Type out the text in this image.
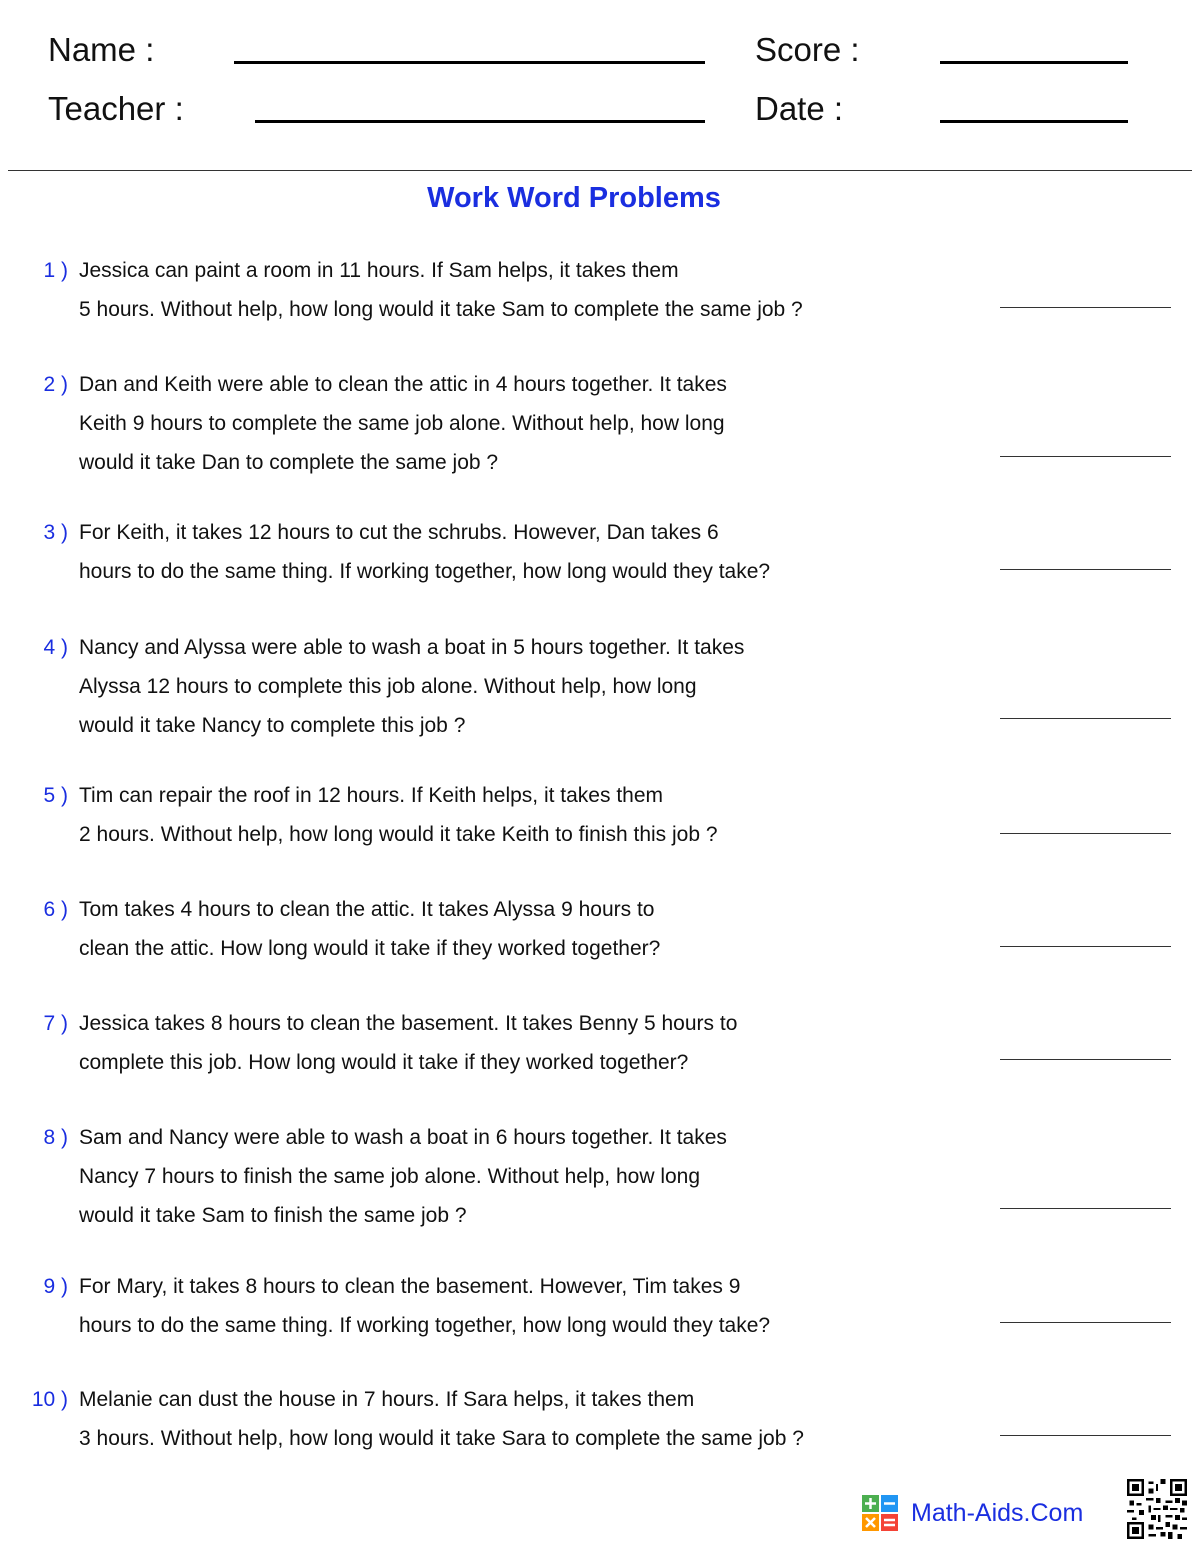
Name :	Score :
Teacher :	Date :
Work Word Problems
1 ) Jessica can paint a room in 11 hours. If Sam helps, it takes them
5 hours. Without help, how long would it take Sam to complete the same job ?
2 ) Dan and Keith were able to clean the attic in 4 hours together. It takes
Keith 9 hours to complete the same job alone. Without help, how long
would it take Dan to complete the same job ?
3 ) For Keith, it takes 12 hours to cut the schrubs. However, Dan takes 6
hours to do the same thing. If working together, how long would they take?
4 ) Nancy and Alyssa were able to wash a boat in 5 hours together. It takes
Alyssa 12 hours to complete this job alone. Without help, how long
would it take Nancy to complete this job ?
5 ) Tim can repair the roof in 12 hours. If Keith helps, it takes them
2 hours. Without help, how long would it take Keith to finish this job ?
6 ) Tom takes 4 hours to clean the attic. It takes Alyssa 9 hours to
clean the attic. How long would it take if they worked together?
7 ) Jessica takes 8 hours to clean the basement. It takes Benny 5 hours to
complete this job. How long would it take if they worked together?
8 ) Sam and Nancy were able to wash a boat in 6 hours together. It takes
Nancy 7 hours to finish the same job alone. Without help, how long
would it take Sam to finish the same job ?
9 ) For Mary, it takes 8 hours to clean the basement. However, Tim takes 9
hours to do the same thing. If working together, how long would they take?
10 ) Melanie can dust the house in 7 hours. If Sara helps, it takes them
3 hours. Without help, how long would it take Sara to complete the same job ?
Math-Aids.Com
